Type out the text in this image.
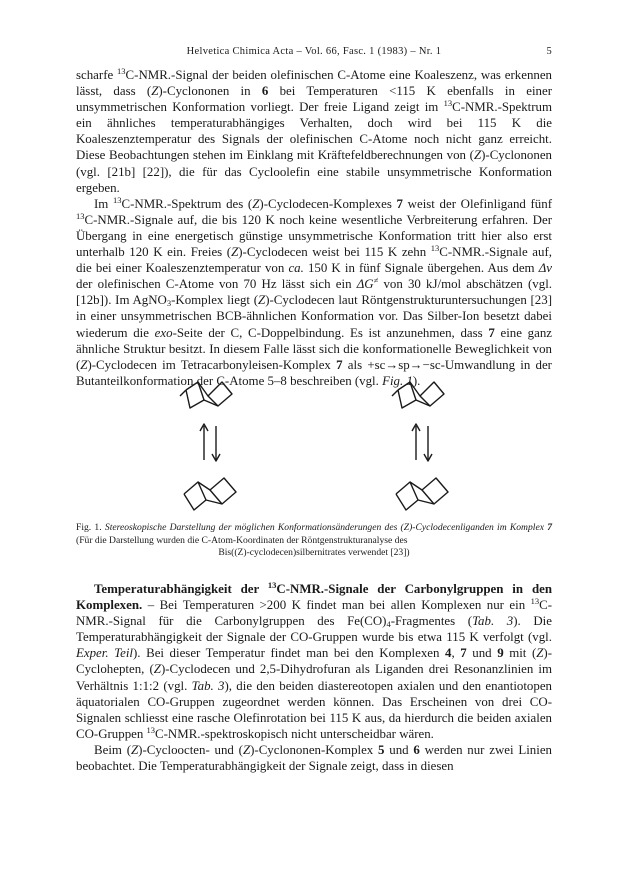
Helvetica Chimica Acta – Vol. 66, Fasc. 1 (1983) – Nr. 1	5

scharfe $^{13}$C-NMR.-Signal der beiden olefinischen C-Atome eine Koaleszenz, was erkennen lässt, dass (Z)-Cyclononen in 6 bei Temperaturen <115 K ebenfalls in einer unsymmetrischen Konformation vorliegt. Der freie Ligand zeigt im $^{13}$C-NMR.-Spektrum ein ähnliches temperaturabhängiges Verhalten, doch wird bei 115 K die Koaleszenztemperatur des Signals der olefinischen C-Atome noch nicht ganz erreicht. Diese Beobachtungen stehen im Einklang mit Kräftefeldberechnungen von (Z)-Cyclononen (vgl. [21b] [22]), die für das Cycloolefin eine stabile unsymmetrische Konformation ergeben.

Im $^{13}$C-NMR.-Spektrum des (Z)-Cyclodecen-Komplexes 7 weist der Olefinligand fünf $^{13}$C-NMR.-Signale auf, die bis 120 K noch keine wesentliche Verbreiterung erfahren. Der Übergang in eine energetisch günstige unsymmetrische Konformation tritt hier also erst unterhalb 120 K ein. Freies (Z)-Cyclodecen weist bei 115 K zehn $^{13}$C-NMR.-Signale auf, die bei einer Koaleszenztemperatur von ca. 150 K in fünf Signale übergehen. Aus dem Δν der olefinischen C-Atome von 70 Hz lässt sich ein ΔG≠ von 30 kJ/mol abschätzen (vgl. [12b]). Im AgNO$_3$-Komplex liegt (Z)-Cyclodecen laut Röntgenstrukturuntersuchungen [23] in einer unsymmetrischen BCB-ähnlichen Konformation vor. Das Silber-Ion besetzt dabei wiederum die exo-Seite der C, C-Doppelbindung. Es ist anzunehmen, dass 7 eine ganz ähnliche Struktur besitzt. In diesem Falle lässt sich die konformationelle Beweglichkeit von (Z)-Cyclodecen im Tetracarbonyleisen-Komplex 7 als +sc→sp→−sc-Umwandlung in der Butanteilkonformation der C-Atome 5–8 beschreiben (vgl. Fig. 1).

Fig. 1. Stereoskopische Darstellung der möglichen Konformationsänderungen des (Z)-Cyclodecenliganden im Komplex 7 (Für die Darstellung wurden die C-Atom-Koordinaten der Röntgenstrukturanalyse des
Bis((Z)-cyclodecen)silbernitrates verwendet [23])

Temperaturabhängigkeit der $^{13}$C-NMR.-Signale der Carbonylgruppen in den Komplexen. – Bei Temperaturen >200 K findet man bei allen Komplexen nur ein $^{13}$C-NMR.-Signal für die Carbonylgruppen des $Fe(CO)_4$-Fragmentes (Tab. 3). Die Temperaturabhängigkeit der Signale der CO-Gruppen wurde bis etwa 115 K verfolgt (vgl. Exper. Teil). Bei dieser Temperatur findet man bei den Komplexen 4, 7 und 9 mit (Z)-Cyclohepten, (Z)-Cyclodecen und 2,5-Dihydrofuran als Liganden drei Resonanzlinien im Verhältnis 1:1:2 (vgl. Tab. 3), die den beiden diastereotopen axialen und den enantiotopen äquatorialen CO-Gruppen zugeordnet werden können. Das Erscheinen von drei CO-Signalen schliesst eine rasche Olefinrotation bei 115 K aus, da hierdurch die beiden axialen CO-Gruppen $^{13}$C-NMR.-spektroskopisch nicht unterscheidbar wären.

Beim (Z)-Cycloocten- und (Z)-Cyclononen-Komplex 5 und 6 werden nur zwei Linien beobachtet. Die Temperaturabhängigkeit der Signale zeigt, dass in diesen
